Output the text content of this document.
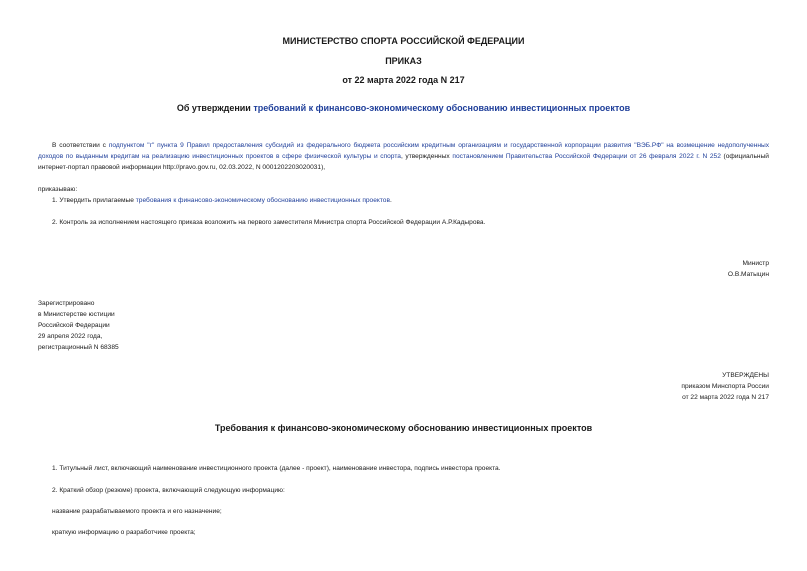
МИНИСТЕРСТВО СПОРТА РОССИЙСКОЙ ФЕДЕРАЦИИ
ПРИКАЗ
от 22 марта 2022 года N 217
Об утверждении требований к финансово-экономическому обоснованию инвестиционных проектов
В соответствии с подпунктом "г" пункта 9 Правил предоставления субсидий из федерального бюджета российским кредитным организациям и государственной корпорации развития "ВЭБ.РФ" на возмещение недополученных доходов по выданным кредитам на реализацию инвестиционных проектов в сфере физической культуры и спорта, утвержденных постановлением Правительства Российской Федерации от 26 февраля 2022 г. N 252 (официальный интернет-портал правовой информации http://pravo.gov.ru, 02.03.2022, N 0001202203020031),
приказываю:
1. Утвердить прилагаемые требования к финансово-экономическому обоснованию инвестиционных проектов.
2. Контроль за исполнением настоящего приказа возложить на первого заместителя Министра спорта Российской Федерации А.Р.Кадырова.
Министр
О.В.Матыцин
Зарегистрировано
в Министерстве юстиции
Российской Федерации
29 апреля 2022 года,
регистрационный N 68385
УТВЕРЖДЕНЫ
приказом Минспорта России
от 22 марта 2022 года N 217
Требования к финансово-экономическому обоснованию инвестиционных проектов
1. Титульный лист, включающий наименование инвестиционного проекта (далее - проект), наименование инвестора, подпись инвестора проекта.
2. Краткий обзор (резюме) проекта, включающий следующую информацию:
название разрабатываемого проекта и его назначение;
краткую информацию о разработчике проекта;
